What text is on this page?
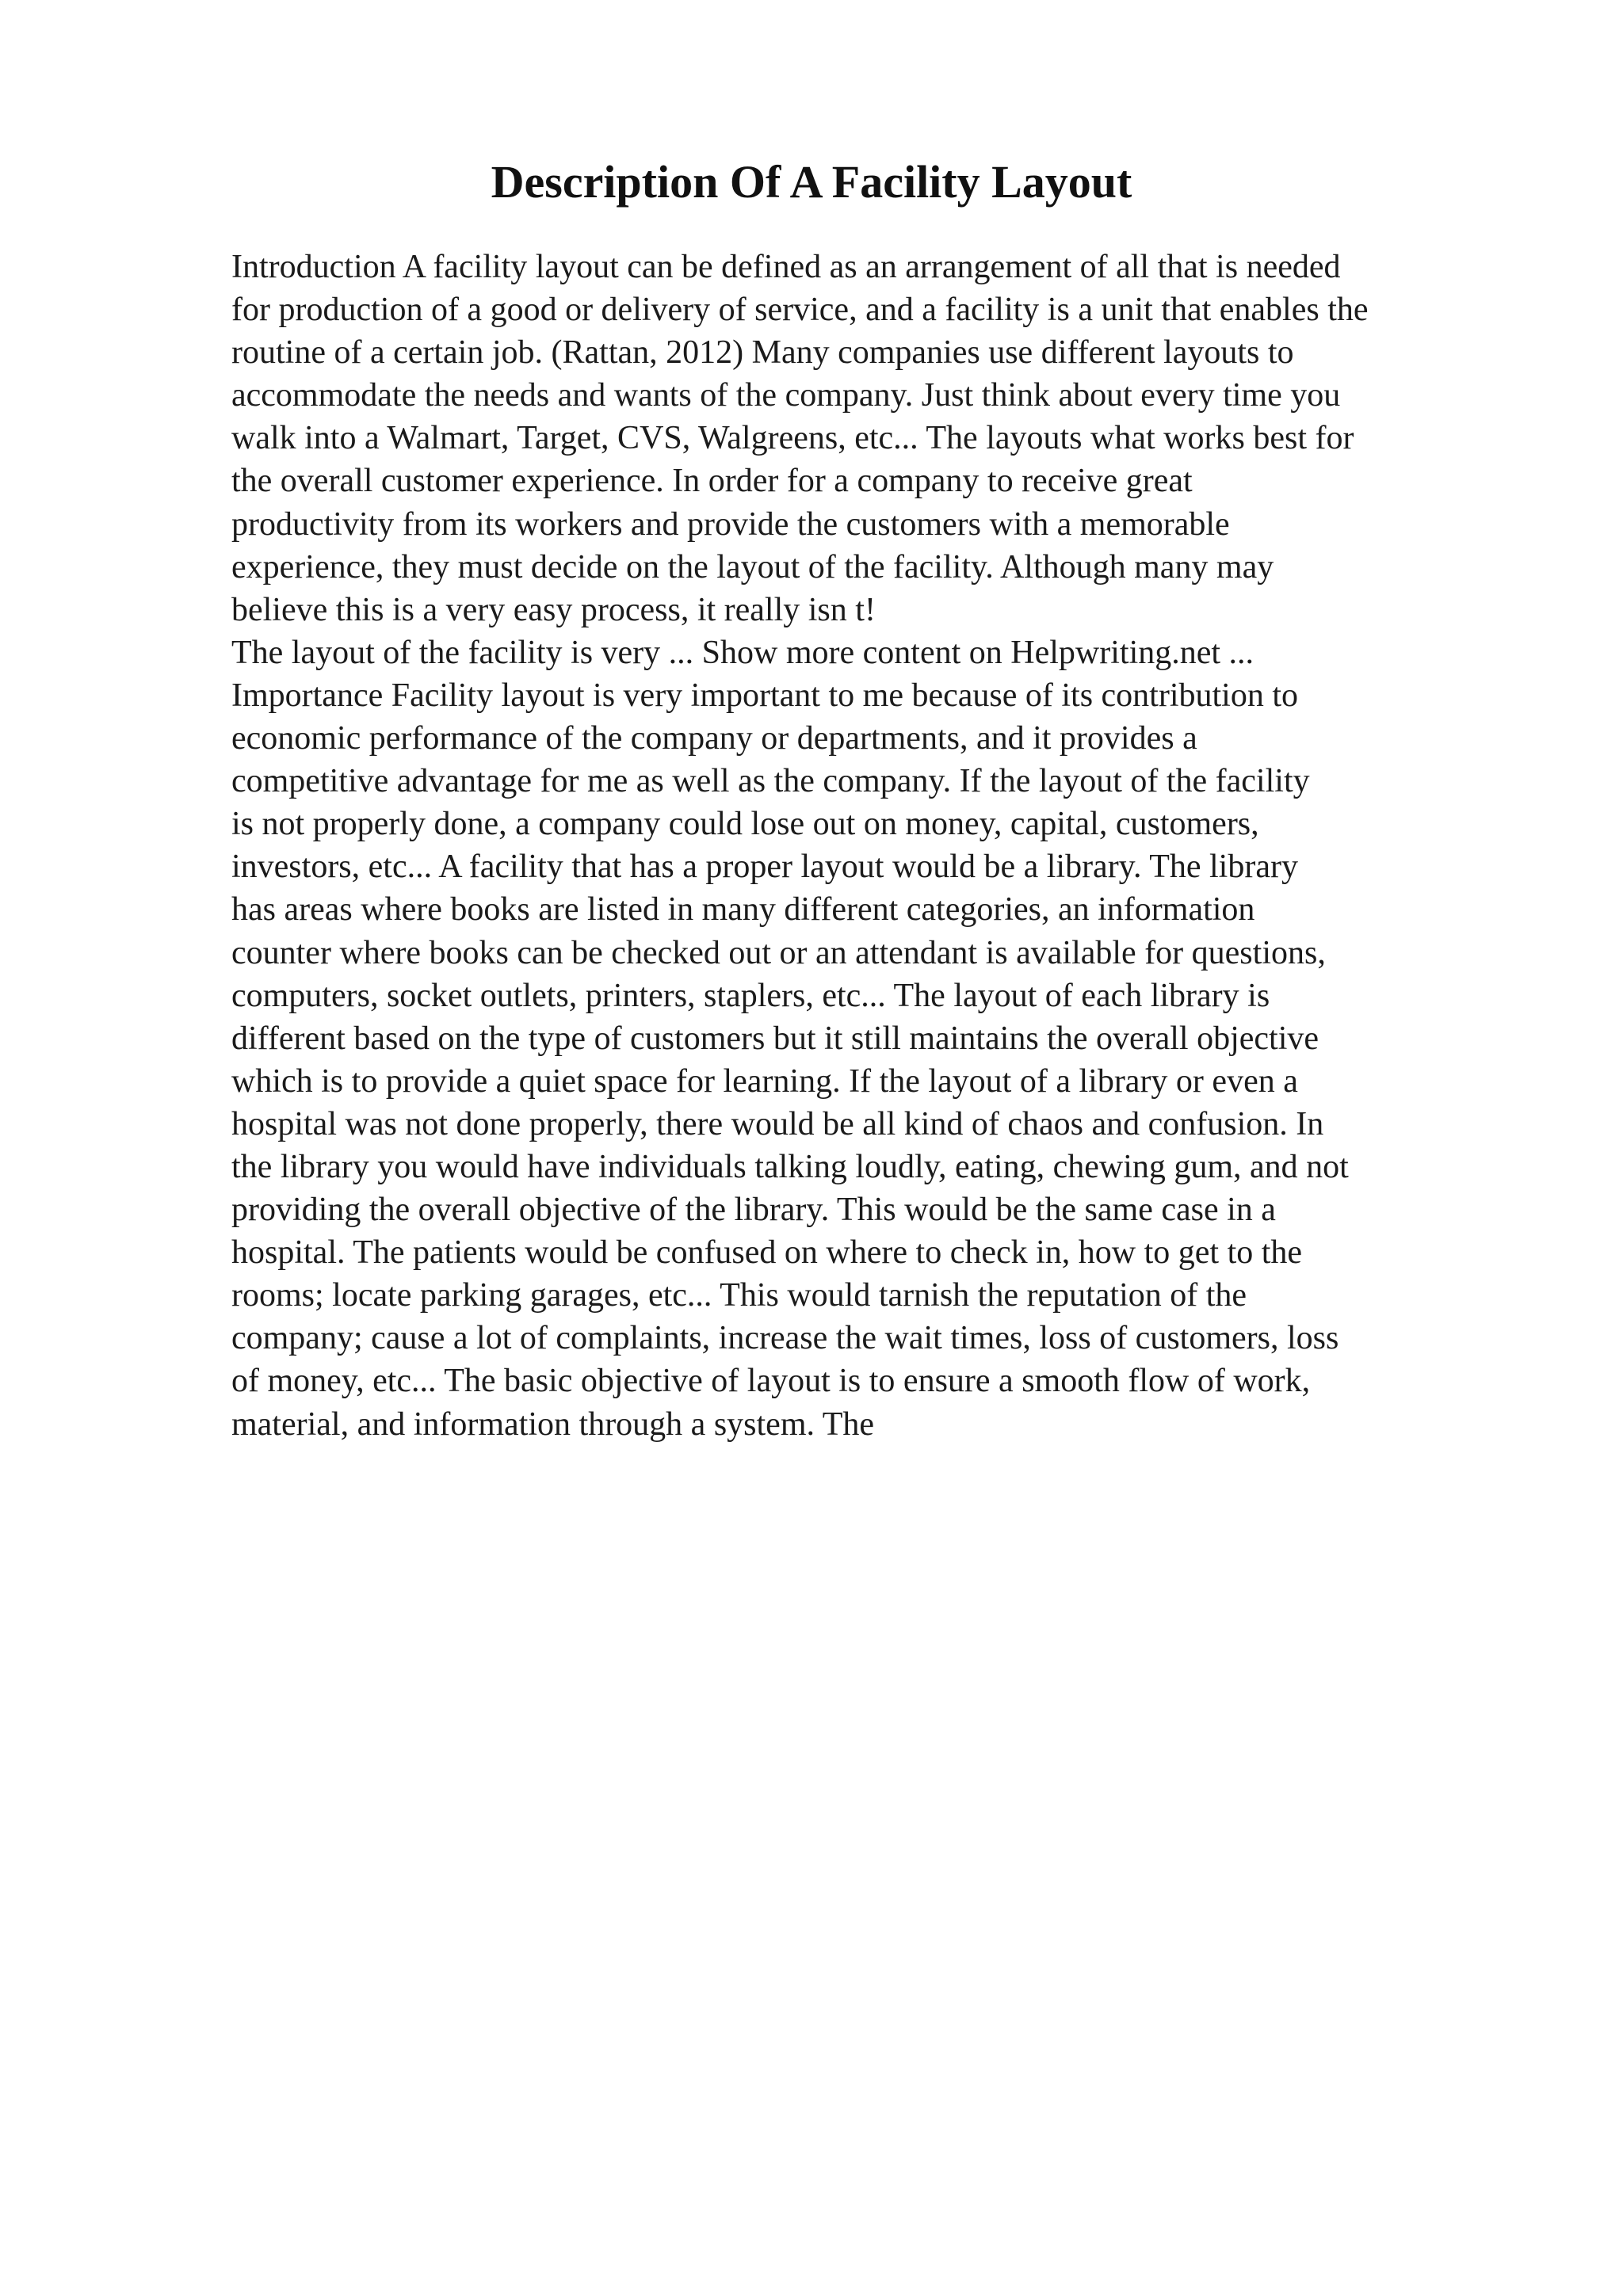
Description Of A Facility Layout
Introduction A facility layout can be defined as an arrangement of all that is needed
for production of a good or delivery of service, and a facility is a unit that enables the
routine of a certain job. (Rattan, 2012) Many companies use different layouts to
accommodate the needs and wants of the company. Just think about every time you
walk into a Walmart, Target, CVS, Walgreens, etc... The layouts what works best for
the overall customer experience. In order for a company to receive great
productivity from its workers and provide the customers with a memorable
experience, they must decide on the layout of the facility. Although many may
believe this is a very easy process, it really isn t!
The layout of the facility is very ... Show more content on Helpwriting.net ...
Importance Facility layout is very important to me because of its contribution to
economic performance of the company or departments, and it provides a
competitive advantage for me as well as the company. If the layout of the facility
is not properly done, a company could lose out on money, capital, customers,
investors, etc... A facility that has a proper layout would be a library. The library
has areas where books are listed in many different categories, an information
counter where books can be checked out or an attendant is available for questions,
computers, socket outlets, printers, staplers, etc... The layout of each library is
different based on the type of customers but it still maintains the overall objective
which is to provide a quiet space for learning. If the layout of a library or even a
hospital was not done properly, there would be all kind of chaos and confusion. In
the library you would have individuals talking loudly, eating, chewing gum, and not
providing the overall objective of the library. This would be the same case in a
hospital. The patients would be confused on where to check in, how to get to the
rooms; locate parking garages, etc... This would tarnish the reputation of the
company; cause a lot of complaints, increase the wait times, loss of customers, loss
of money, etc... The basic objective of layout is to ensure a smooth flow of work,
material, and information through a system. The
